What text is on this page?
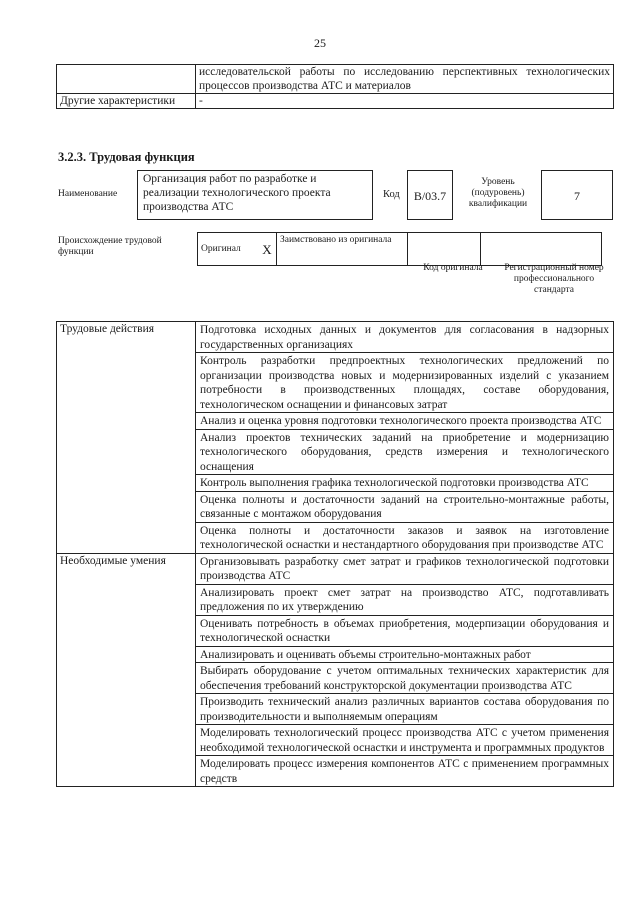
25
	исследовательской работы по исследованию перспективных технологических процессов производства АТС и материалов
Другие характеристики	-
3.2.3. Трудовая функция
Наименование
Организация работ по разработке и реализации технологического проекта производства АТС
Код	B/03.7
Уровень (подуровень) квалификации
7
Происхождение трудовой функции	Оригинал	X	Заимствовано из оригинала		
Код оригинала	Регистрационный номер профессионального стандарта
Трудовые действия	Подготовка исходных данных и документов для согласования в надзорных государственных организациях
	Контроль разработки предпроектных технологических предложений по организации производства новых и модернизированных изделий с указанием потребности в производственных площадях, составе оборудования, технологическом оснащении и финансовых затрат
	Анализ и оценка уровня подготовки технологического проекта производства АТС
	Анализ проектов технических заданий на приобретение и модернизацию технологического оборудования, средств измерения и технологического оснащения
	Контроль выполнения графика технологической подготовки производства АТС
	Оценка полноты и достаточности заданий на строительно-монтажные работы, связанные с монтажом оборудования
	Оценка полноты и достаточности заказов и заявок на изготовление технологической оснастки и нестандартного оборудования при производстве АТС
Необходимые умения	Организовывать разработку смет затрат и графиков технологической подготовки производства АТС
	Анализировать проект смет затрат на производство АТС, подготавливать предложения по их утверждению
	Оценивать потребность в объемах приобретения, модерпизации оборудования и технологической оснастки
	Анализировать и оценивать объемы строительно-монтажных работ
	Выбирать оборудование с учетом оптимальных технических характеристик для обеспечения требований конструкторской документации производства АТС
	Производить технический анализ различных вариантов состава оборудования по производительности и выполняемым операциям
	Моделировать технологический процесс производства АТС с учетом применения необходимой технологической оснастки и инструмента и программных продуктов
	Моделировать процесс измерения компонентов АТС с применением программных средств
